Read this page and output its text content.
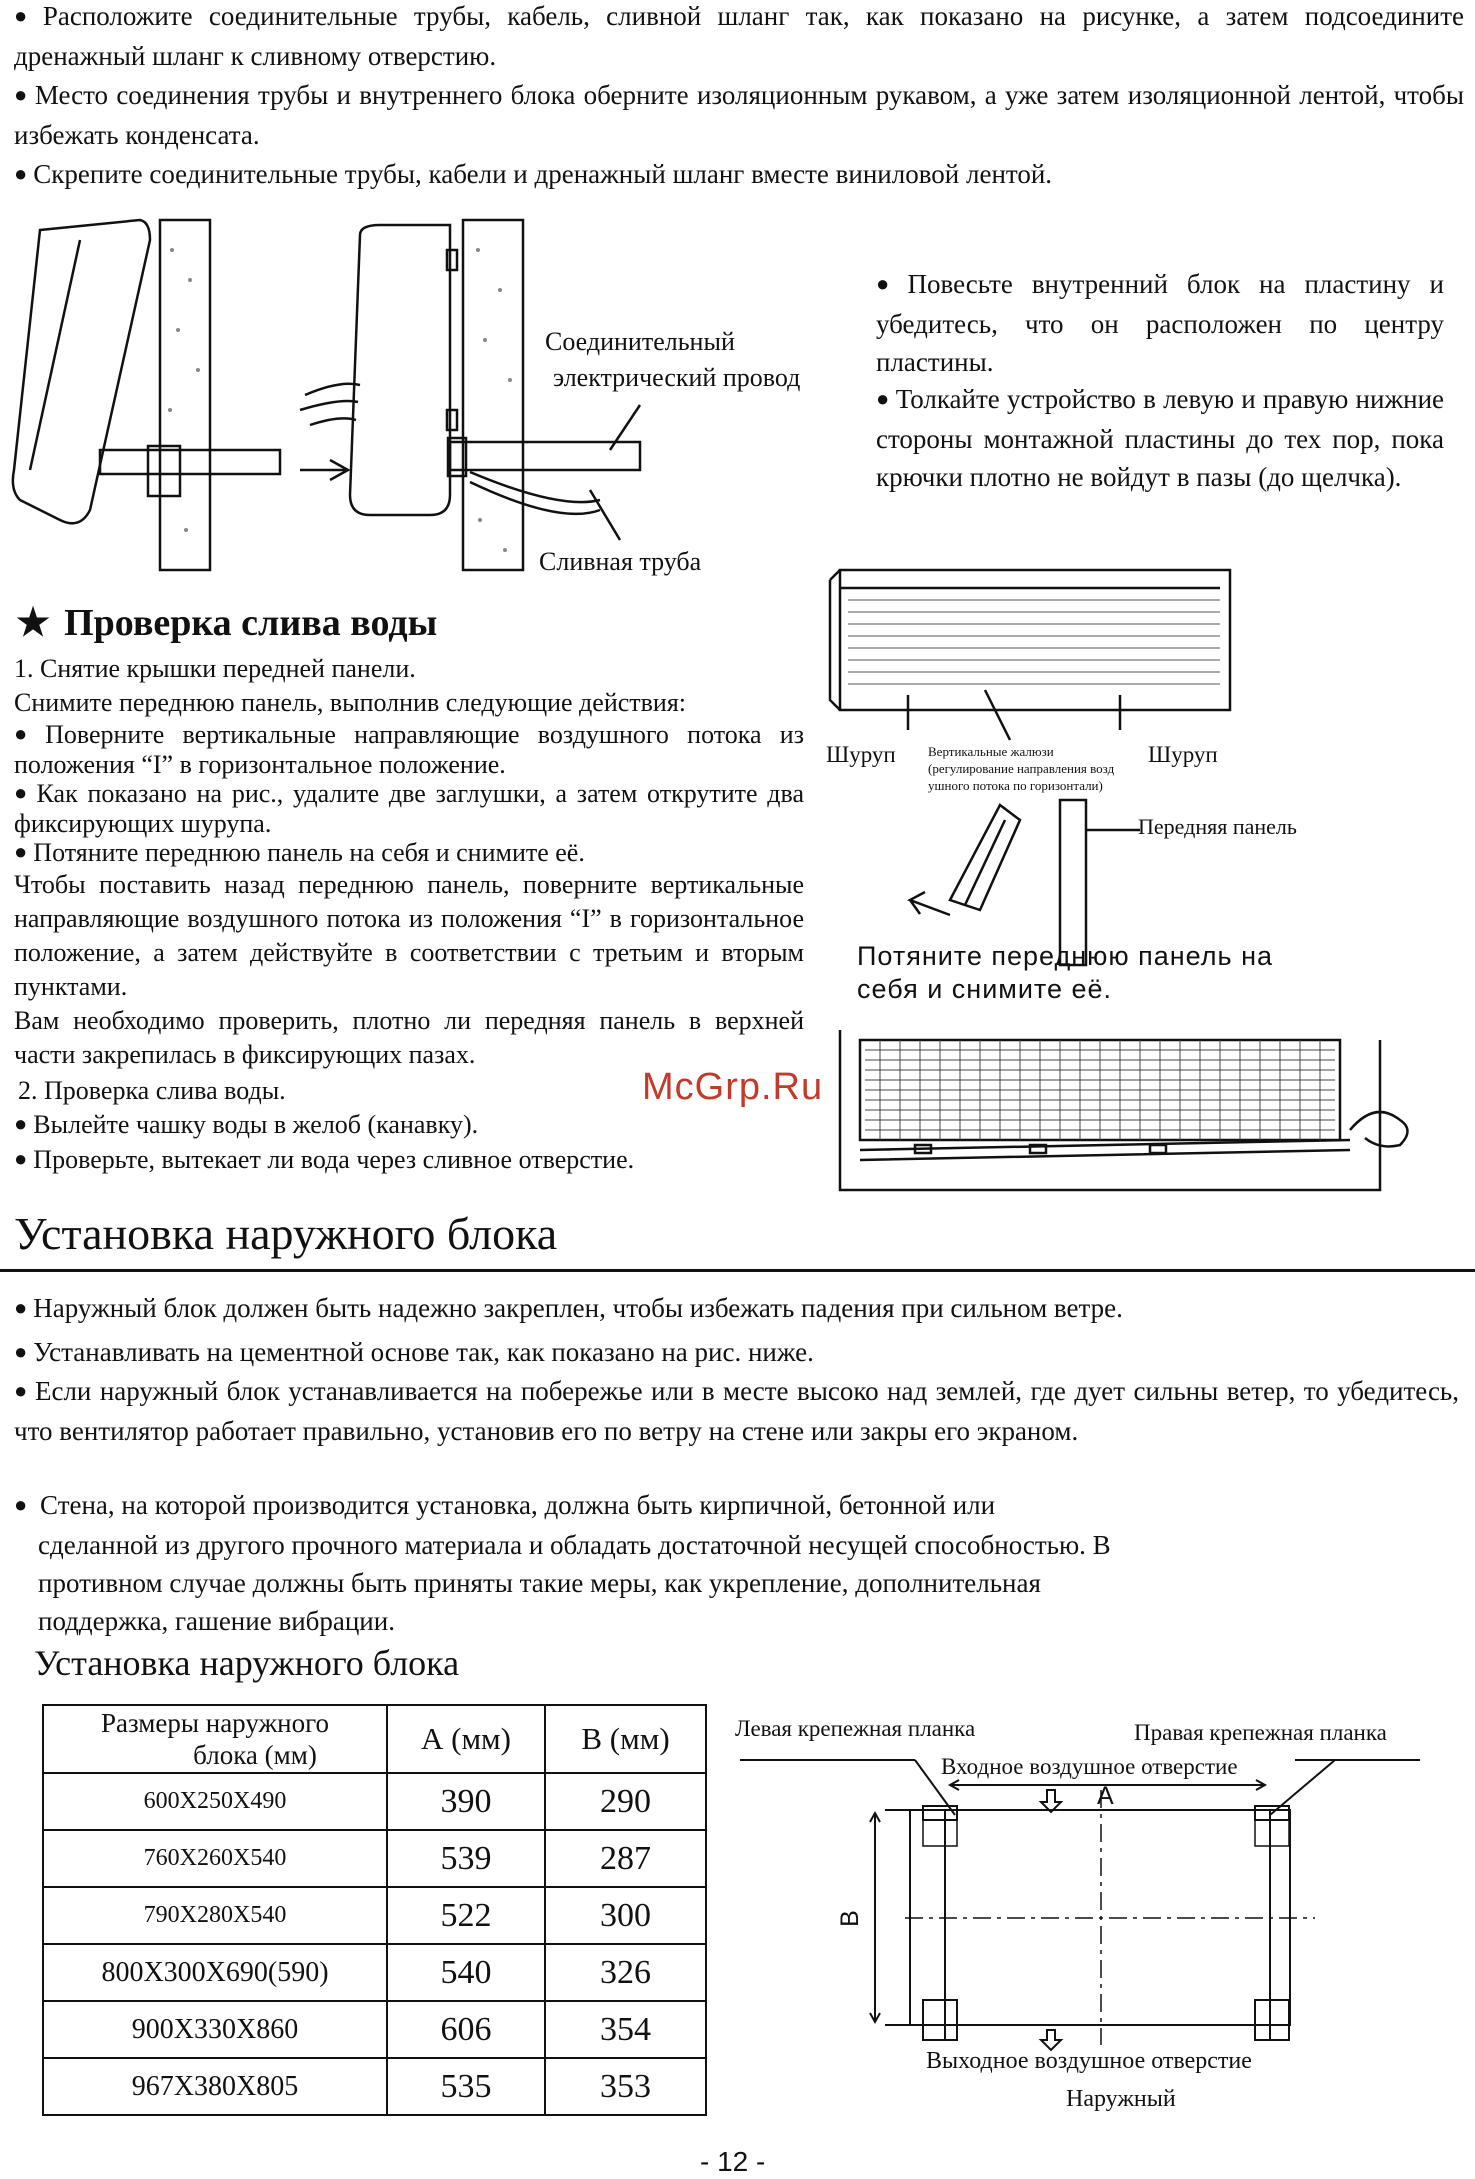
● Расположите соединительные трубы, кабель, сливной шланг так, как показано на рисунке, а затем подсоедините дренажный шланг к сливному отверстию.
● Место соединения трубы и внутреннего блока оберните изоляционным рукавом, а уже затем изоляционной лентой, чтобы избежать конденсата.
● Скрепите соединительные трубы, кабели и дренажный шланг вместе виниловой лентой.
Соединительный
электрический провод
Сливная труба
● Повесьте внутренний блок на пластину и убедитесь, что он расположен по центру пластины.
● Толкайте устройство в левую и правую нижние стороны монтажной пластины до тех пор, пока крючки плотно не войдут в пазы (до щелчка).
★ Проверка слива воды
1. Снятие крышки передней панели.
Снимите переднюю панель, выполнив следующие действия:
● Поверните вертикальные направляющие воздушного потока из положения “I” в горизонтальное положение.
● Как показано на рис., удалите две заглушки, а затем открутите два фиксирующих шурупа.
● Потяните переднюю панель на себя и снимите её.
Чтобы поставить назад переднюю панель, поверните вертикальные направляющие воздушного потока из положения “I” в горизонтальное положение, а затем действуйте в соответствии с третьим и вторым пунктами.
Вам необходимо проверить, плотно ли передняя панель в верхней части закрепилась в фиксирующих пазах.
2. Проверка слива воды.
● Вылейте чашку воды в желоб (канавку).
● Проверьте, вытекает ли вода через сливное отверстие.
Шуруп	Шуруп
Вертикальные жалюзи
(регулирование направления возд
ушного потока по горизонтали)
Передняя панель
Потяните переднюю панель на
себя и снимите её.
McGrp.Ru
Установка наружного блока
● Наружный блок должен быть надежно закреплен, чтобы избежать падения при сильном ветре.
● Устанавливать на цементной основе так, как показано на рис. ниже.
● Если наружный блок устанавливается на побережье или в месте высоко над землей, где дует сильны ветер, то убедитесь, что вентилятор работает правильно, установив его по ветру на стене или закры его экраном.
● Стена, на которой производится установка, должна быть кирпичной, бетонной или
сделанной из другого прочного материала и обладать достаточной несущей способностью. В
противном случае должны быть приняты такие меры, как укрепление, дополнительная
поддержка, гашение вибрации.
Установка наружного блока
Размеры наружного
блока (мм)	А (мм)	В (мм)
600X250X490	390	290
760X260X540	539	287
790X280X540	522	300
800X300X690(590)	540	326
900X330X860	606	354
967X380X805	535	353
Левая крепежная планка	Правая крепежная планка
Входное воздушное отверстие
A
B
Выходное воздушное отверстие
Наружный
- 12 -
